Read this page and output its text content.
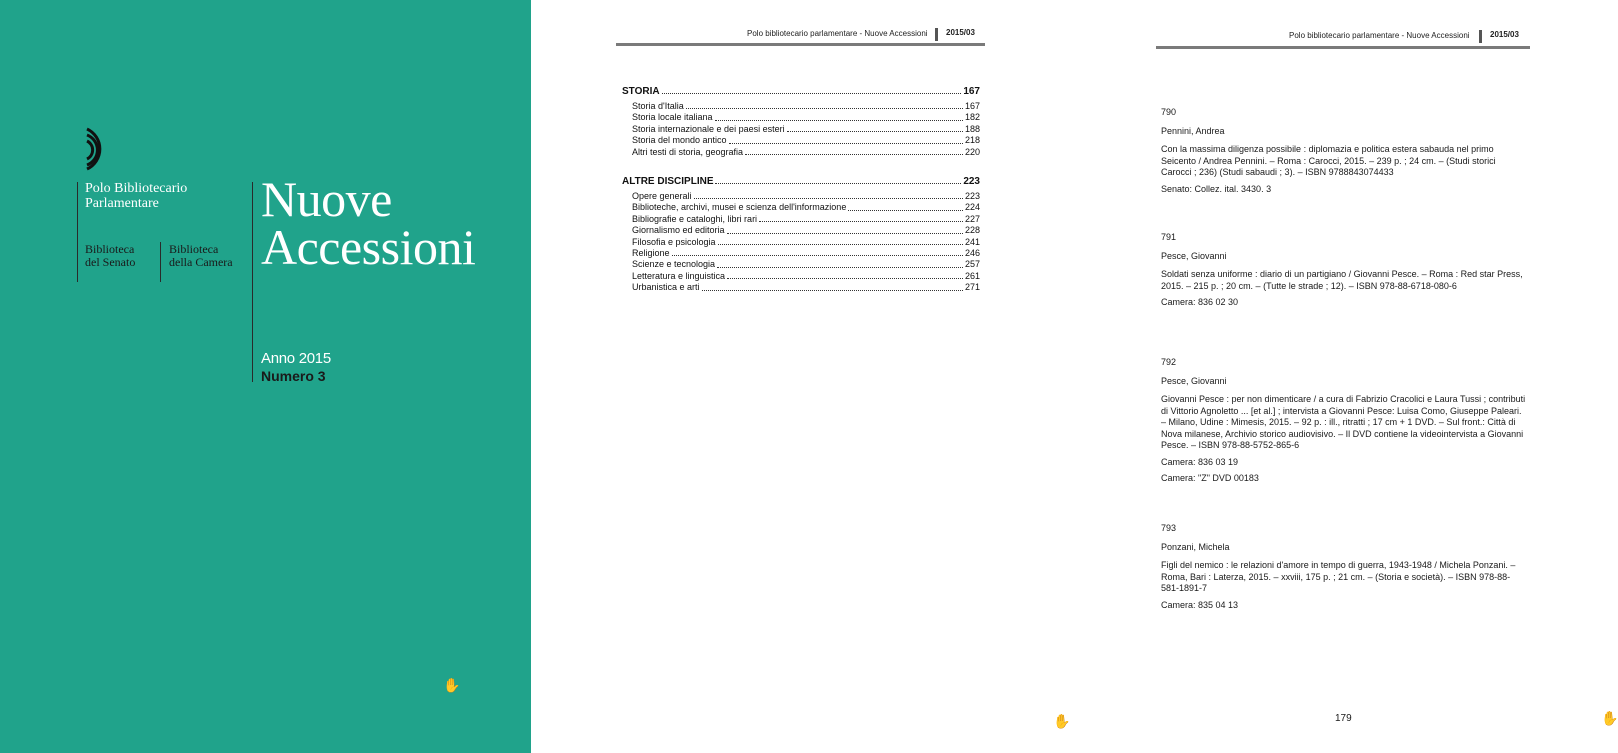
Polo Bibliotecario
Parlamentare
Biblioteca
del Senato
Biblioteca
della Camera
Nuove
Accessioni
Anno 2015
Numero 3
✋
Polo bibliotecario parlamentare - Nuove Accessioni 2015/03
STORIA	167
Storia d'Italia	167
Storia locale italiana	182
Storia internazionale e dei paesi esteri	188
Storia del mondo antico	218
Altri testi di storia, geografia	220
ALTRE DISCIPLINE	223
Opere generali	223
Biblioteche, archivi, musei e scienza dell'informazione	224
Bibliografie e cataloghi, libri rari	227
Giornalismo ed editoria	228
Filosofia e psicologia	241
Religione	246
Scienze e tecnologia	257
Letteratura e linguistica	261
Urbanistica e arti	271
✋
Polo bibliotecario parlamentare - Nuove Accessioni	2015/03
790
Pennini, Andrea
Con la massima diligenza possibile : diplomazia e politica estera sabauda nel primo Seicento / Andrea Pennini. – Roma : Carocci, 2015. – 239 p. ; 24 cm. – (Studi storici Carocci ; 236) (Studi sabaudi ; 3). – ISBN 9788843074433
Senato: Collez. ital. 3430. 3
791
Pesce, Giovanni
Soldati senza uniforme : diario di un partigiano / Giovanni Pesce. – Roma : Red star Press, 2015. – 215 p. ; 20 cm. – (Tutte le strade ; 12). – ISBN 978-88-6718-080-6
Camera: 836 02 30
792
Pesce, Giovanni
Giovanni Pesce : per non dimenticare / a cura di Fabrizio Cracolici e Laura Tussi ; contributi di Vittorio Agnoletto ... [et al.] ; intervista a Giovanni Pesce: Luisa Como, Giuseppe Paleari. – Milano, Udine : Mimesis, 2015. – 92 p. : ill., ritratti ; 17 cm + 1 DVD. – Sul front.: Città di Nova milanese, Archivio storico audiovisivo. – Il DVD contiene la videointervista a Giovanni Pesce. – ISBN 978-88-5752-865-6
Camera: 836 03 19
Camera: "Z" DVD 00183
793
Ponzani, Michela
Figli del nemico : le relazioni d'amore in tempo di guerra, 1943-1948 / Michela Ponzani. – Roma, Bari : Laterza, 2015. – xxviii, 175 p. ; 21 cm. – (Storia e società). – ISBN 978-88-581-1891-7
Camera: 835 04 13
179	✋
